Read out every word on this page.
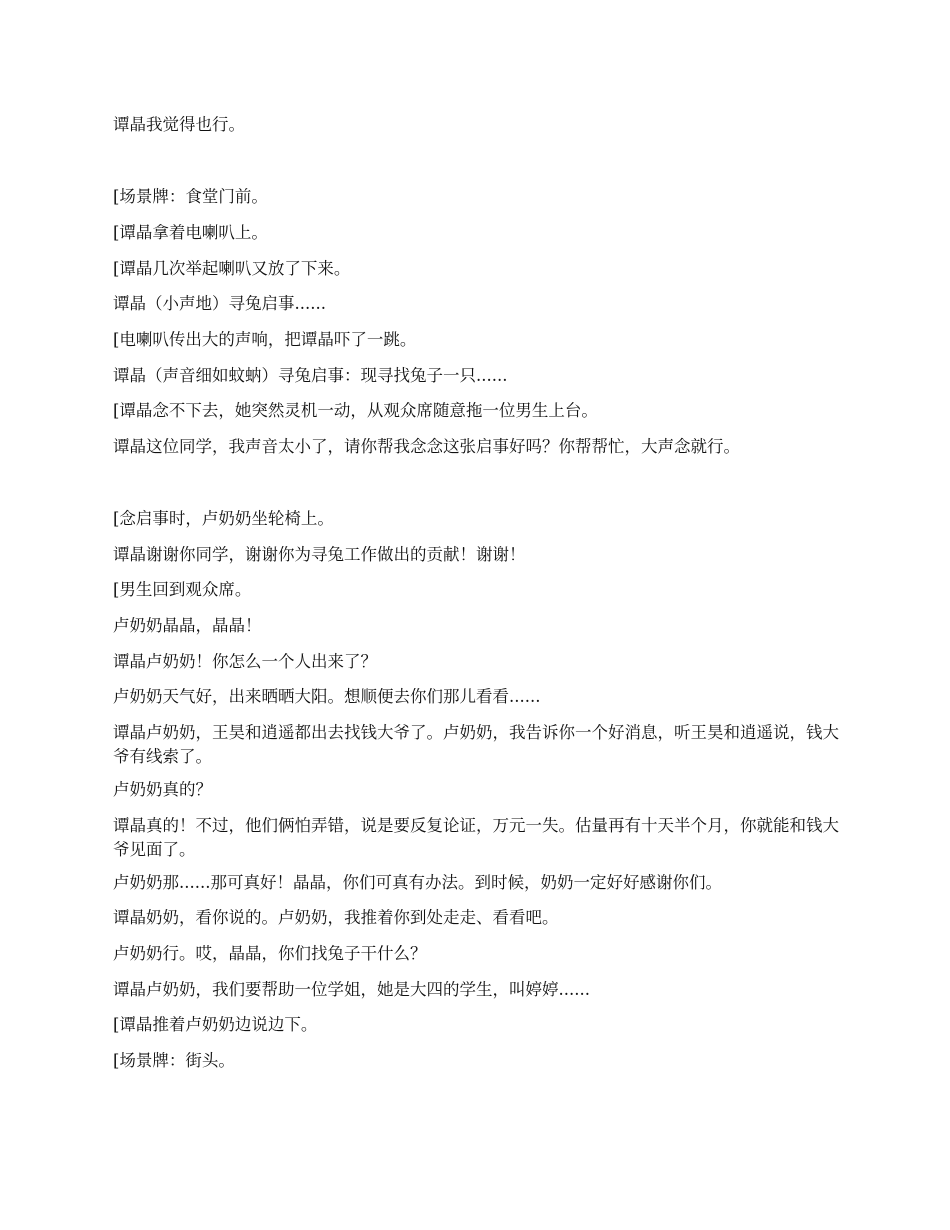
谭晶我觉得也行。

[场景牌：食堂门前。

[谭晶拿着电喇叭上。

[谭晶几次举起喇叭又放了下来。

谭晶（小声地）寻兔启事......

[电喇叭传出大的声响，把谭晶吓了一跳。

谭晶（声音细如蚊蚋）寻兔启事：现寻找兔子一只......

[谭晶念不下去，她突然灵机一动，从观众席随意拖一位男生上台。

谭晶这位同学，我声音太小了，请你帮我念念这张启事好吗？你帮帮忙，大声念就行。

[念启事时，卢奶奶坐轮椅上。

谭晶谢谢你同学，谢谢你为寻兔工作做出的贡献！谢谢！

[男生回到观众席。

卢奶奶晶晶，晶晶！

谭晶卢奶奶！你怎么一个人出来了？

卢奶奶天气好，出来晒晒大阳。想顺便去你们那儿看看......

谭晶卢奶奶，王昊和逍遥都出去找钱大爷了。卢奶奶，我告诉你一个好消息，听王昊和逍遥说，钱大爷有线索了。

卢奶奶真的？

谭晶真的！不过，他们俩怕弄错，说是要反复论证，万元一失。估量再有十天半个月，你就能和钱大爷见面了。

卢奶奶那......那可真好！晶晶，你们可真有办法。到时候，奶奶一定好好感谢你们。

谭晶奶奶，看你说的。卢奶奶，我推着你到处走走、看看吧。

卢奶奶行。哎，晶晶，你们找兔子干什么？

谭晶卢奶奶，我们要帮助一位学姐，她是大四的学生，叫婷婷......

[谭晶推着卢奶奶边说边下。

[场景牌：街头。
